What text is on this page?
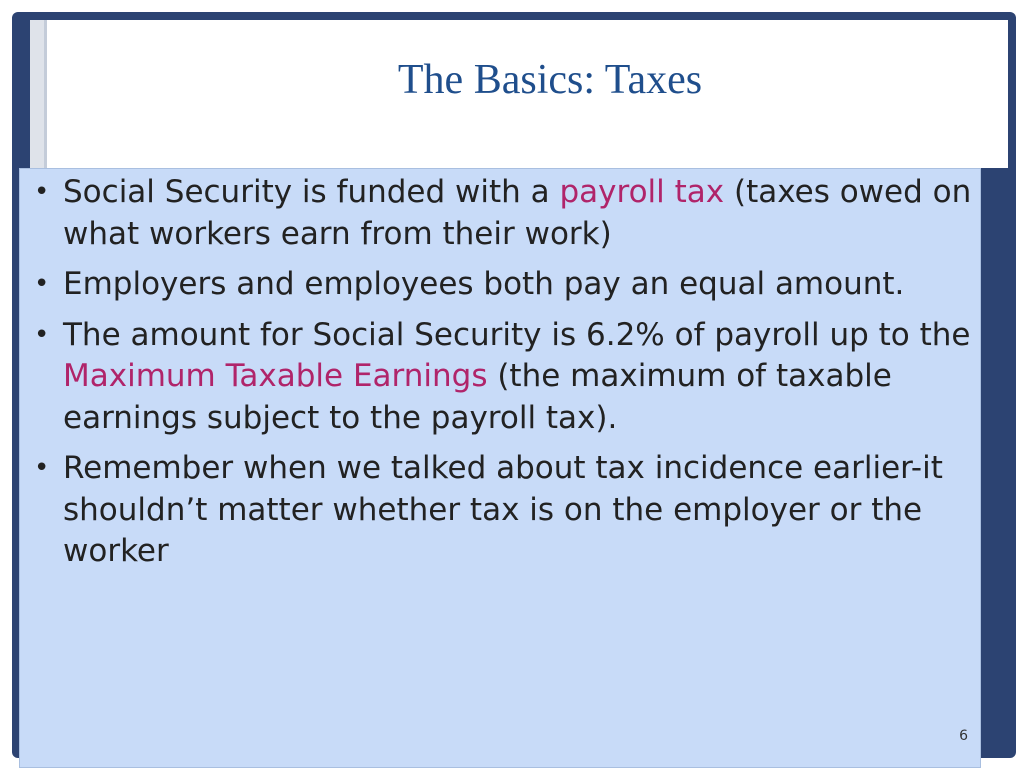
The Basics: Taxes
• Social Security is funded with a payroll tax (taxes owed on what workers earn from their work)
• Employers and employees both pay an equal amount.
• The amount for Social Security is 6.2% of payroll up to the Maximum Taxable Earnings (the maximum of taxable earnings subject to the payroll tax).
• Remember when we talked about tax incidence earlier-it shouldn’t matter whether tax is on the employer or the worker
6
